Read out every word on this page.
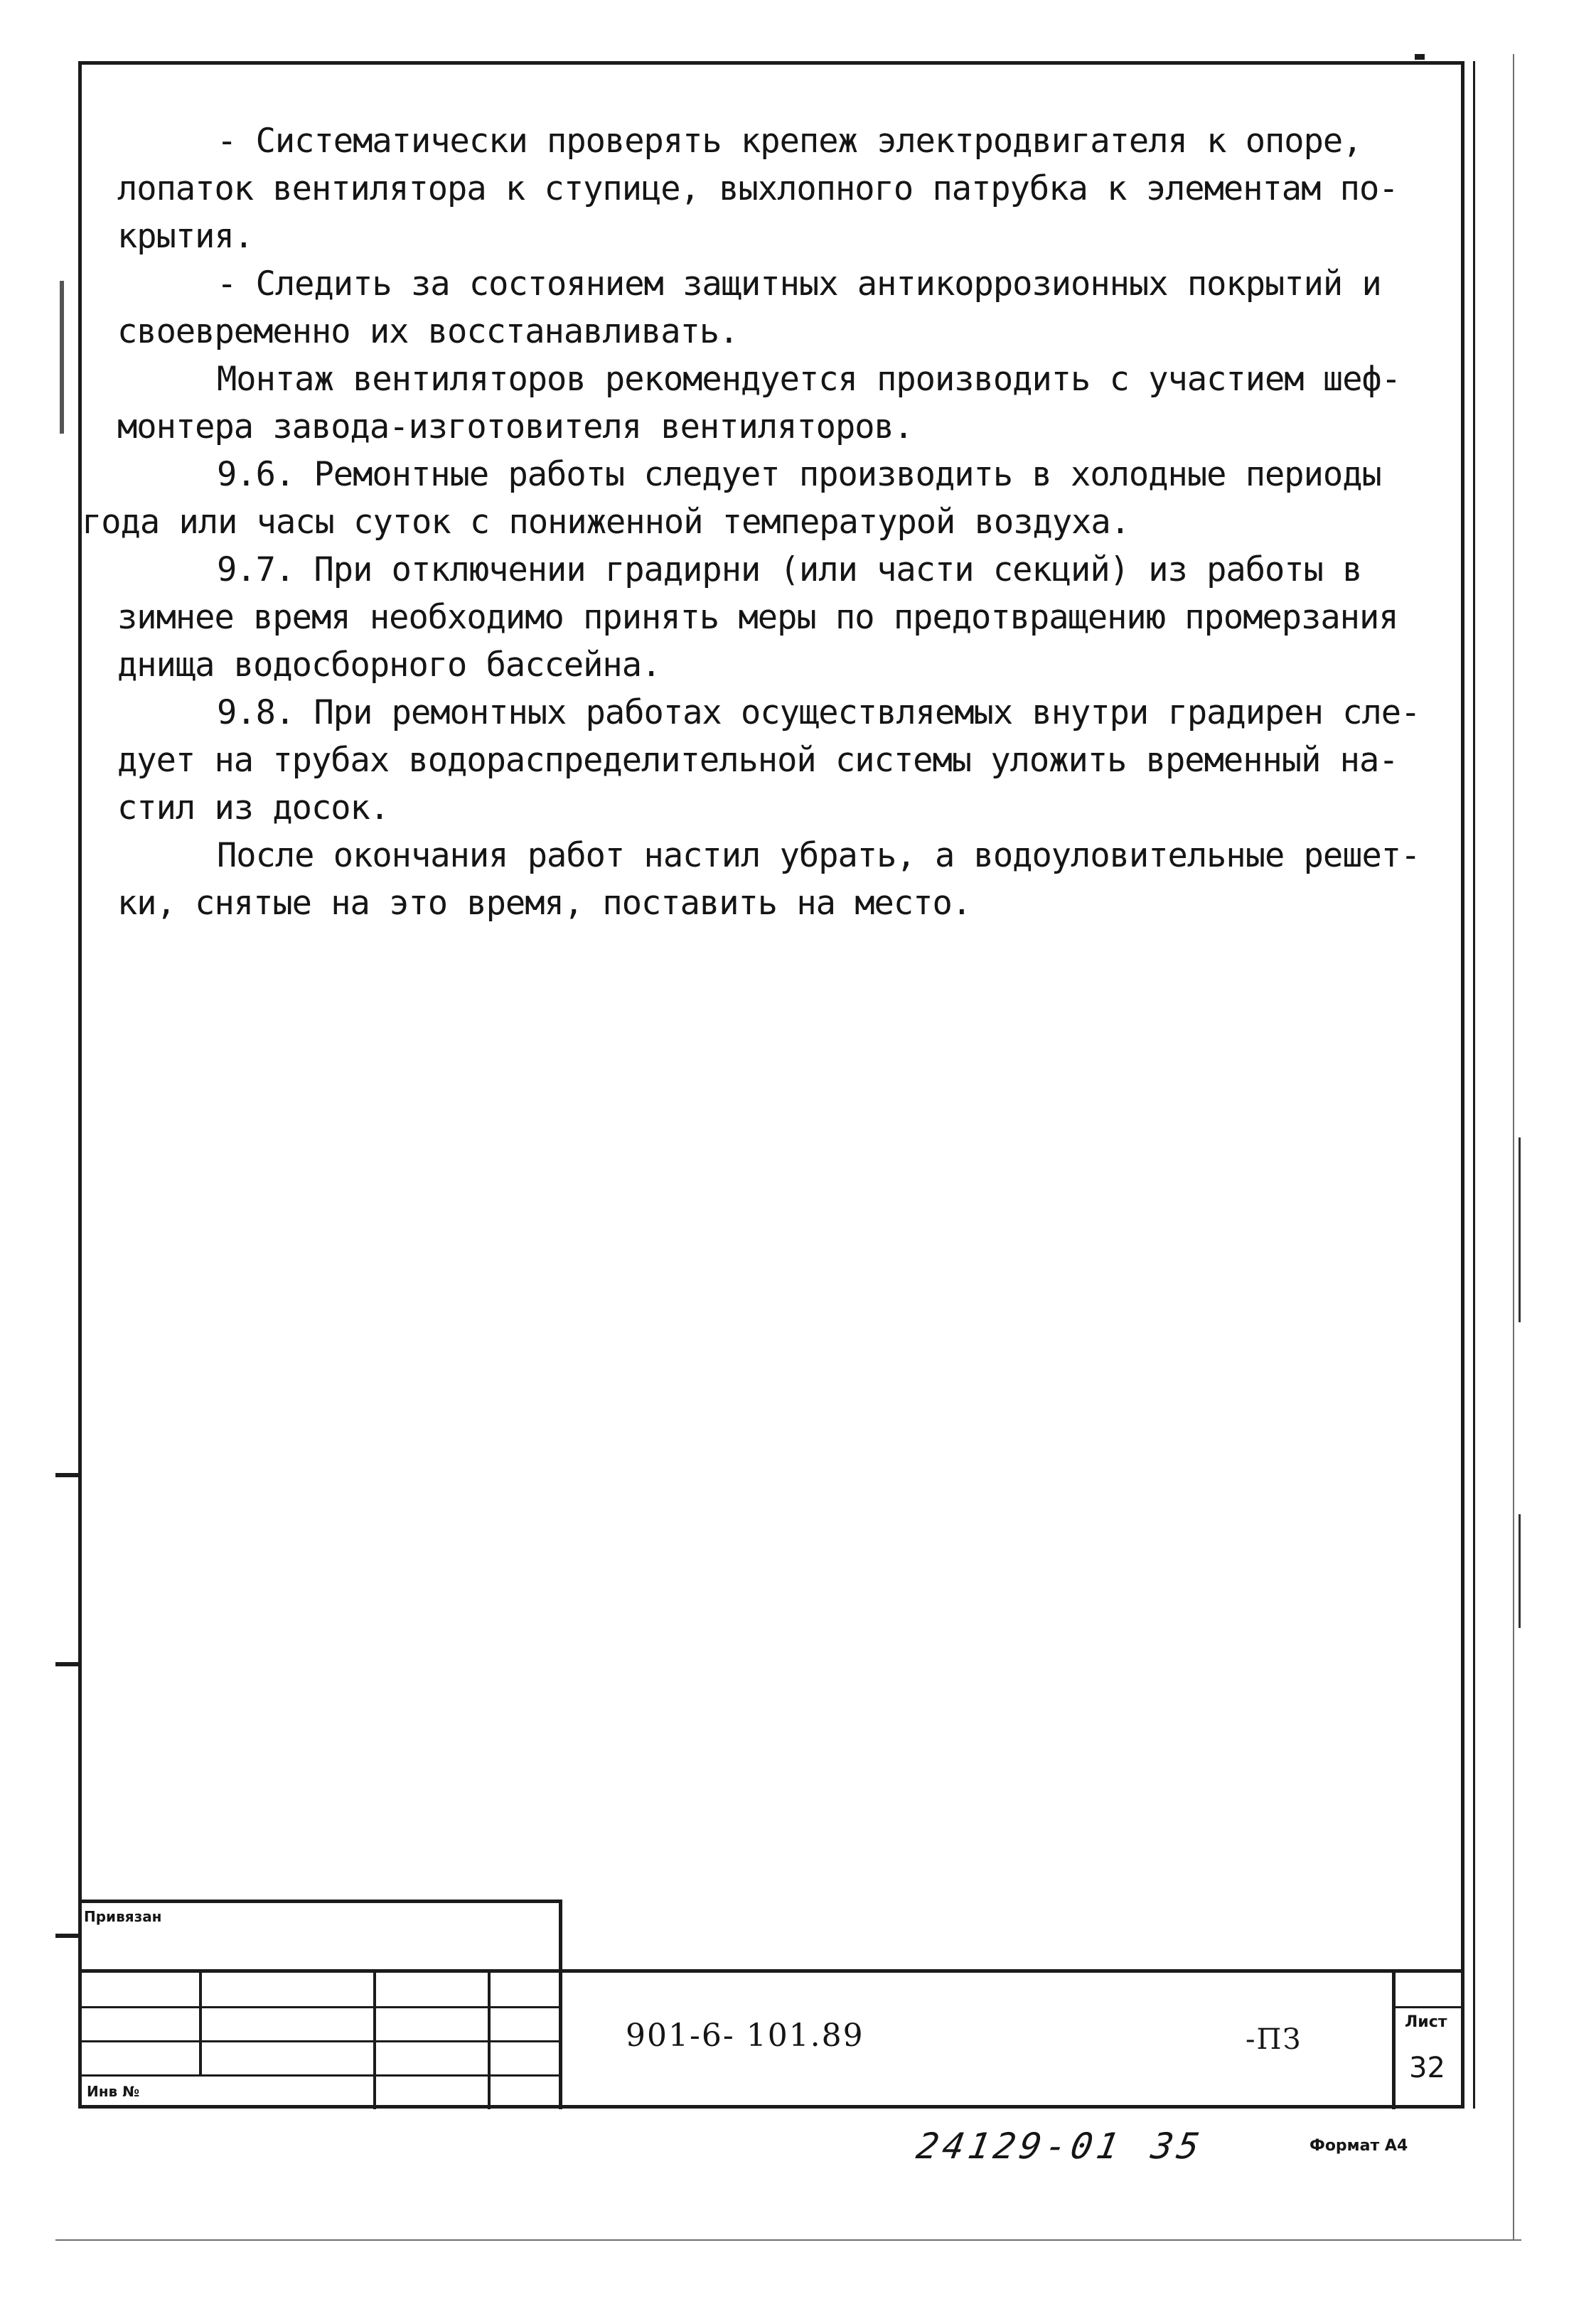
- Систематически проверять крепеж электродвигателя к опоре,

лопаток вентилятора к ступице, выхлопного патрубка к элементам по-

крытия.

- Следить за состоянием защитных антикоррозионных покрытий и

своевременно их восстанавливать.

Монтаж вентиляторов рекомендуется производить с участием шеф-

монтера завода-изготовителя вентиляторов.

9.6. Ремонтные работы следует производить в холодные периоды

года или часы суток с пониженной температурой воздуха.

9.7. При отключении градирни (или части секций) из работы в

зимнее время необходимо принять меры по предотвращению промерзания

днища водосборного бассейна.

9.8. При ремонтных работах осуществляемых внутри градирен сле-

дует на трубах водораспределительной системы уложить временный на-

стил из досок.

После окончания работ настил убрать, а водоуловительные решет-

ки, снятые на это время, поставить на место.

Привязан
Инв №
Лист
32
901-6- 101.89	-ПЗ
24129-01 35	Формат А4
